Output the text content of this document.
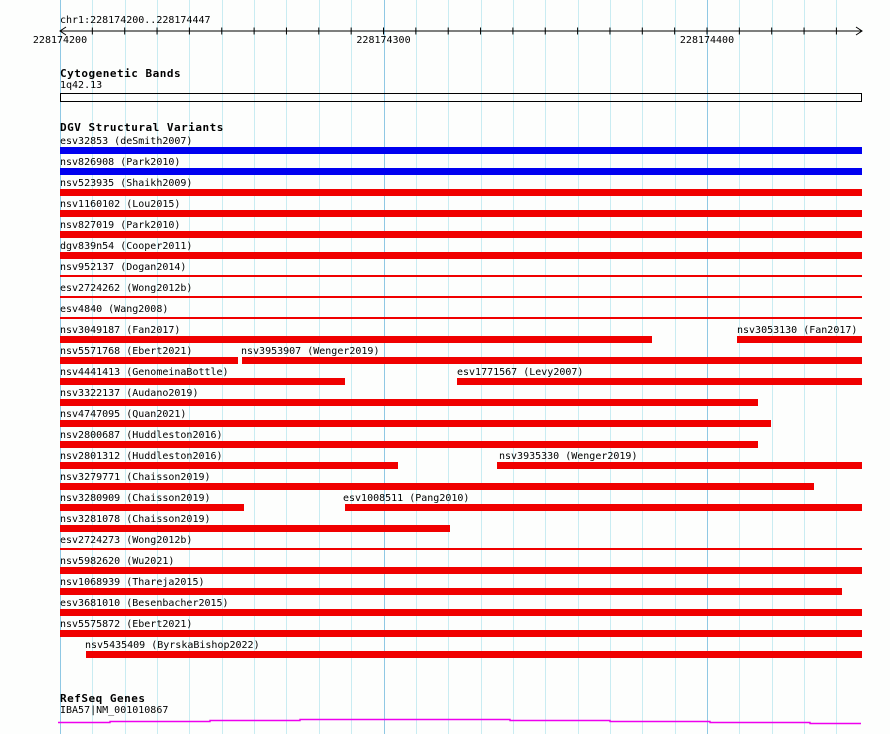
chr1:228174200..228174447
228174200	228174300	228174400
Cytogenetic Bands
1q42.13
DGV Structural Variants
esv32853 (deSmith2007)
nsv826908 (Park2010)
nsv523935 (Shaikh2009)
nsv1160102 (Lou2015)
nsv827019 (Park2010)
dgv839n54 (Cooper2011)
nsv952137 (Dogan2014)
esv2724262 (Wong2012b)
esv4840 (Wang2008)
nsv3049187 (Fan2017)	nsv3053130 (Fan2017)
nsv5571768 (Ebert2021)	nsv3953907 (Wenger2019)
nsv4441413 (GenomeinaBottle)	esv1771567 (Levy2007)
nsv3322137 (Audano2019)
nsv4747095 (Quan2021)
nsv2800687 (Huddleston2016)
nsv2801312 (Huddleston2016)	nsv3935330 (Wenger2019)
nsv3279771 (Chaisson2019)
nsv3280909 (Chaisson2019)	esv1008511 (Pang2010)
nsv3281078 (Chaisson2019)
esv2724273 (Wong2012b)
nsv5982620 (Wu2021)
nsv1068939 (Thareja2015)
esv3681010 (Besenbacher2015)
nsv5575872 (Ebert2021)
nsv5435409 (ByrskaBishop2022)
RefSeq Genes
IBA57|NM_001010867
